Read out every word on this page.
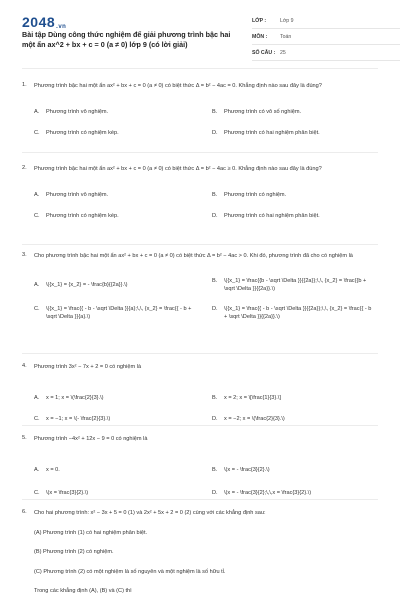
2048.vn
Bài tập Dùng công thức nghiệm để giải phương trình bậc hai một ẩn ax^2 + bx + c = 0 (a ≠ 0) lớp 9 (có lời giải)
LỚP :	Lớp 9
MÔN :	Toán
SỐ CÂU : 25
1. Phương trình bậc hai một ẩn ax² + bx + c = 0 (a ≠ 0) có biệt thức Δ = b² − 4ac = 0. Khẳng định nào sau đây là đúng?
A. Phương trình vô nghiệm.	B. Phương trình có vô số nghiệm.
C. Phương trình có nghiệm kép.	D. Phương trình có hai nghiệm phân biệt.
2. Phương trình bậc hai một ẩn ax² + bx + c = 0 (a ≠ 0) có biệt thức Δ = b² − 4ac ≥ 0. Khẳng định nào sau đây là đúng?
A. Phương trình vô nghiệm.	B. Phương trình có nghiệm.
C. Phương trình có nghiệm kép.	D. Phương trình có hai nghiệm phân biệt.
3. Cho phương trình bậc hai một ẩn ax² + bx + c = 0 (a ≠ 0) có biệt thức Δ = b² − 4ac > 0. Khi đó, phương trình đã cho có nghiệm là
A. \({x_1} = {x_2} = - \frac{b}{{2a}}.\)
B. \({x_1} = \frac{{b - \sqrt \Delta }}{{2a}};\,\, {x_2} = \frac{{b + \sqrt \Delta }}{{2a}}.\)
C. \({x_1} = \frac{{ - b - \sqrt \Delta }}{a};\,\, {x_2} = \frac{{ - b + \sqrt \Delta }}{a}.\)
D. \({x_1} = \frac{{ - b - \sqrt \Delta }}{{2a}};\,\, {x_2} = \frac{{ - b + \sqrt \Delta }}{{2a}}.\)
4. Phương trình 3x² − 7x + 2 = 0 có nghiệm là
A. x = 1; x = \(\frac{2}{3}.\)	B. x = 2; x = \[\frac{1}{3}.\]
C. x = −1; x = \(- \frac{2}{3}.\)	D. x = −2; x = \(\frac{2}{3}.\)
5. Phương trình −4x² + 12x − 9 = 0 có nghiệm là
A. x = 0.	B. \(x = - \frac{3}{2}.\)
C. \(x = \frac{3}{2}.\)	D. \(x = - \frac{3}{2};\,\,x = \frac{3}{2}.\)
6. Cho hai phương trình: x² − 3x + 5 = 0 (1) và 2x² + 5x + 2 = 0 (2) cùng với các khẳng định sau:
(A) Phương trình (1) có hai nghiệm phân biệt.
(B) Phương trình (2) có nghiệm.
(C) Phương trình (2) có một nghiệm là số nguyên và một nghiệm là số hữu tỉ.
Trong các khẳng định (A), (B) và (C) thì
